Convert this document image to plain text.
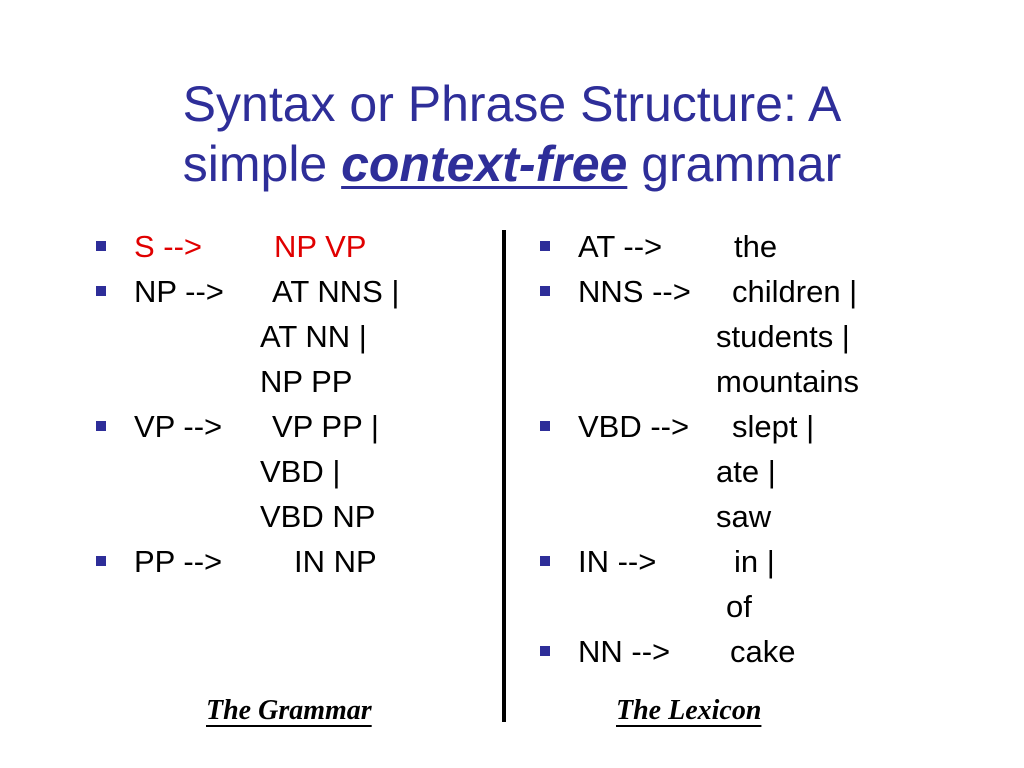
Syntax or Phrase Structure: A
simple context-free grammar
S --> NP VP
NP --> AT NNS |
AT NN |
NP PP
VP --> VP PP |
VBD |
VBD NP
PP --> IN NP
AT --> the
NNS --> children |
students |
mountains
VBD --> slept |
ate |
saw
IN -->	in |
of
NN --> cake
The Grammar	The Lexicon
